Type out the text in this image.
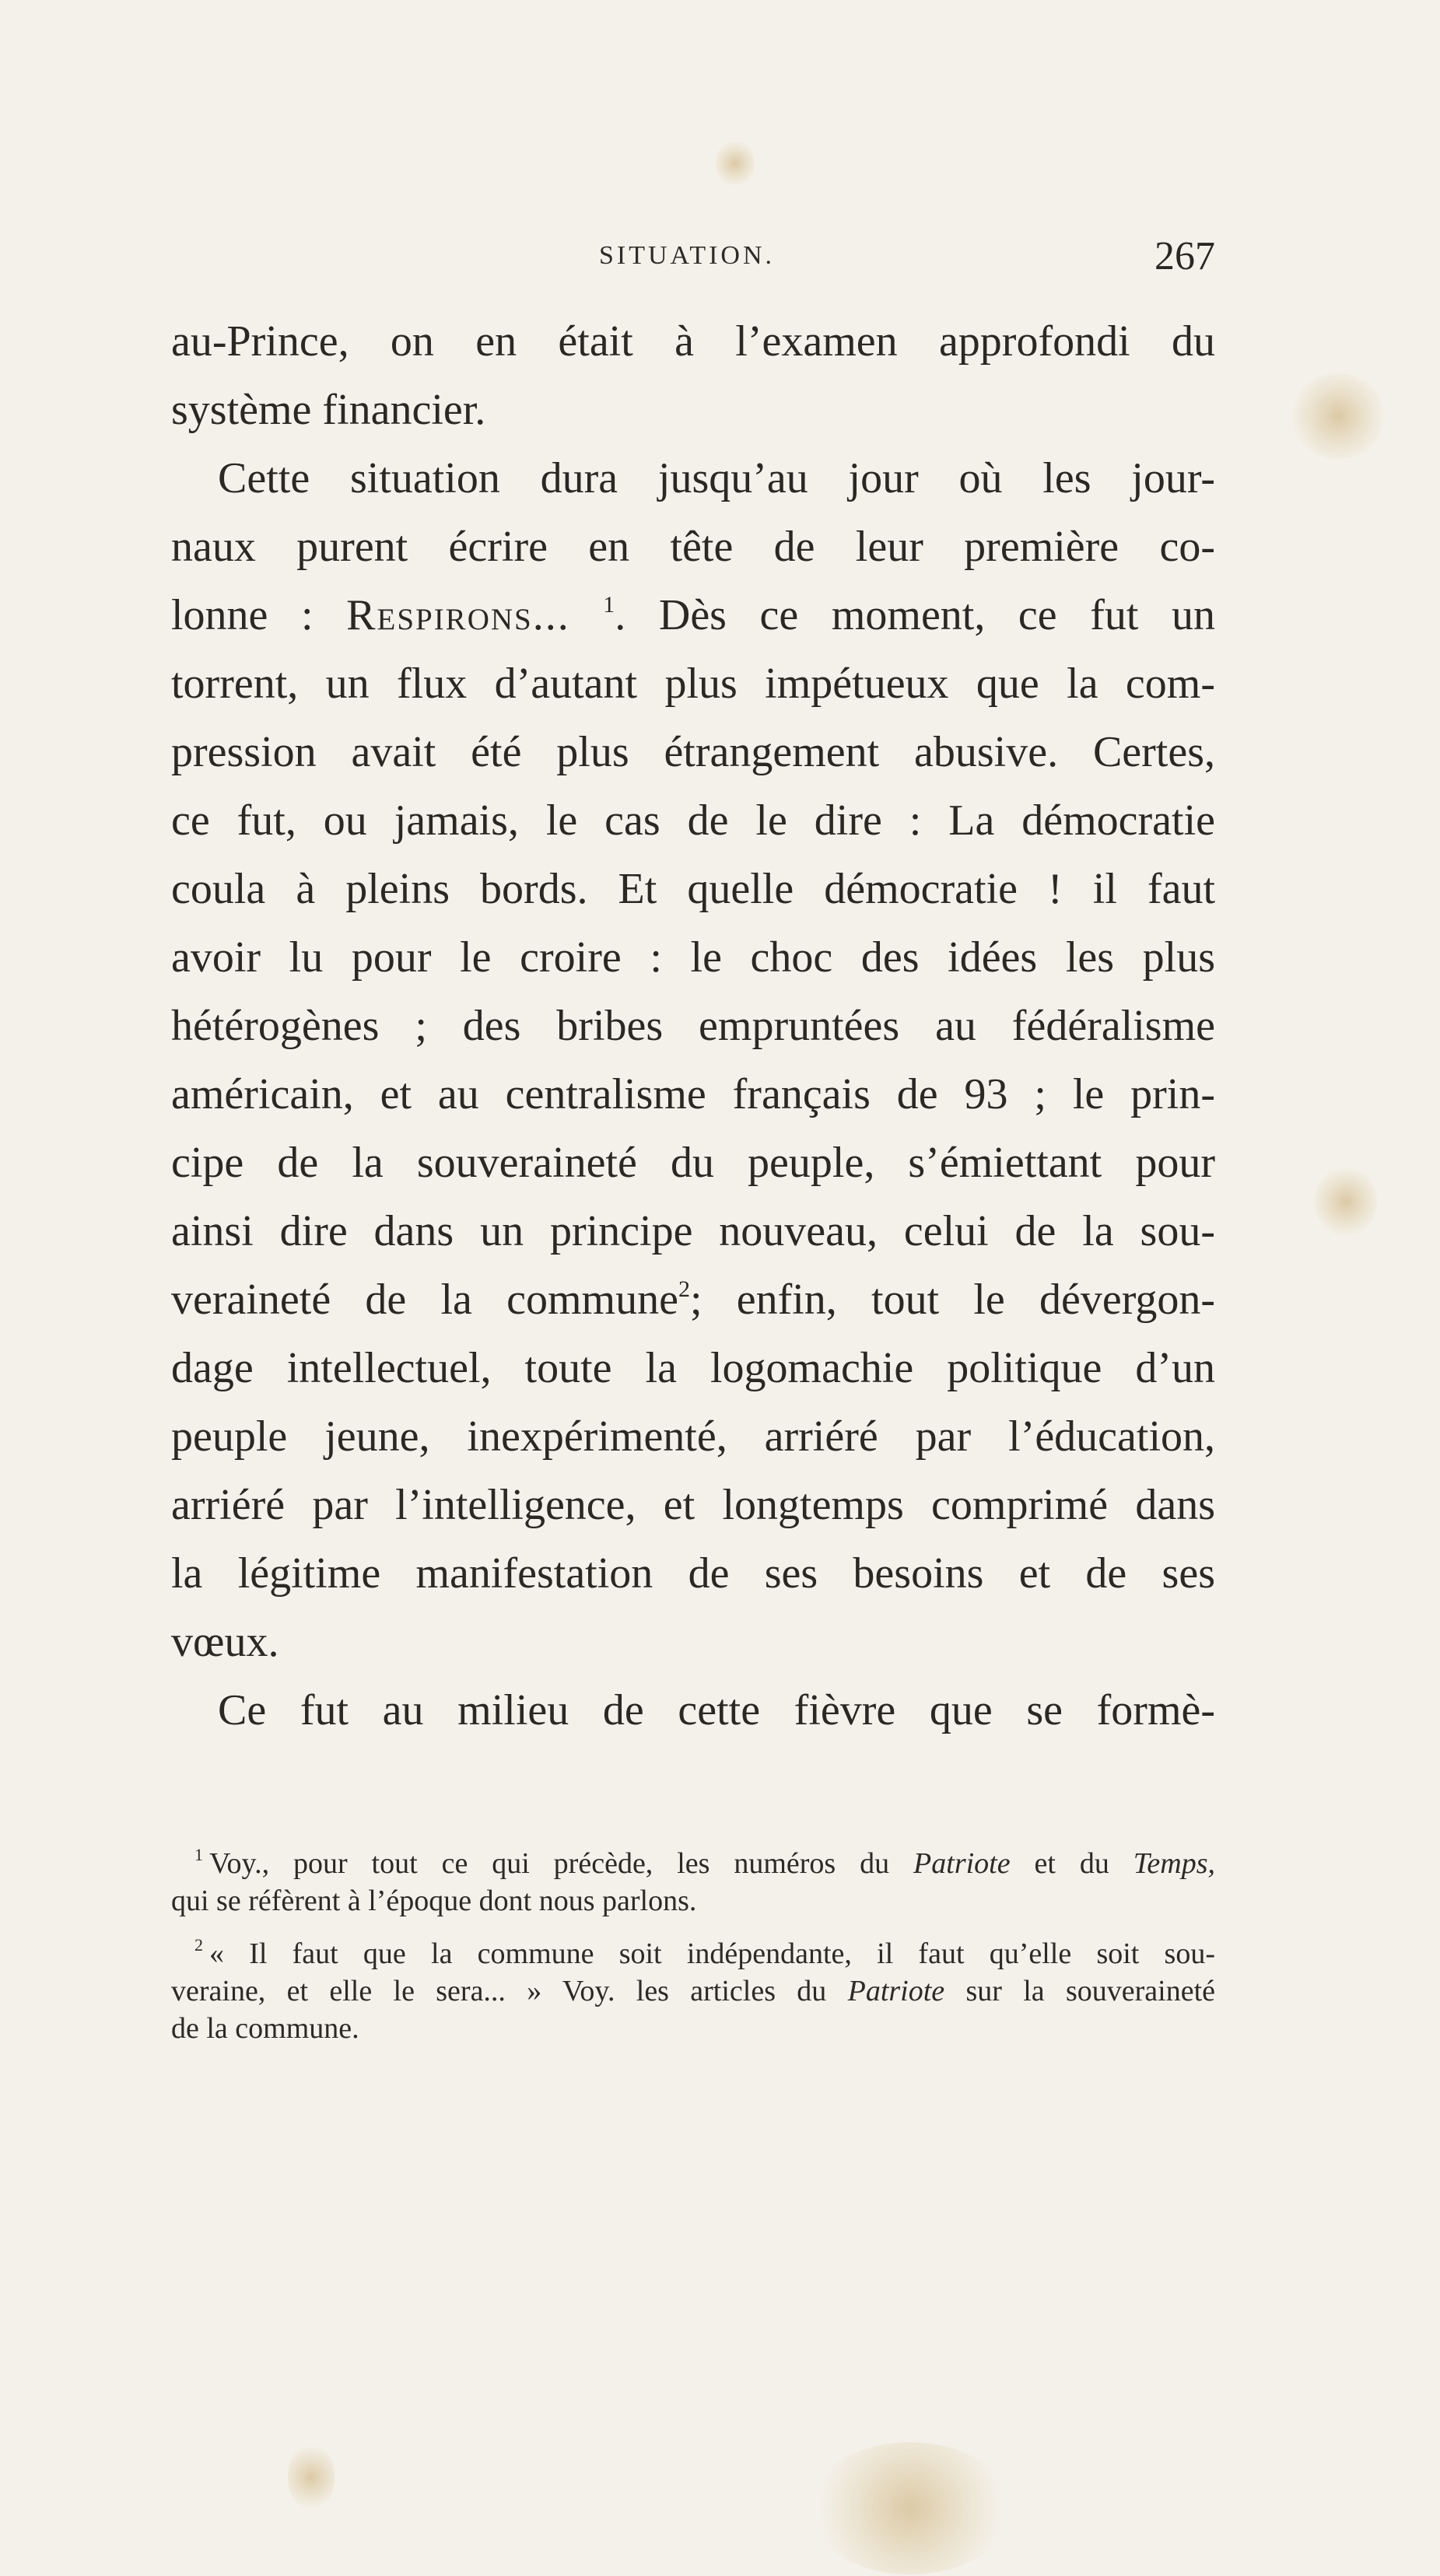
SITUATION.	267
au-Prince, on en était à l’examen approfondi du
système financier.
Cette situation dura jusqu’au jour où les jour-
naux purent écrire en tête de leur première co-
lonne : Respirons... $^1$. Dès ce moment, ce fut un
torrent, un flux d’autant plus impétueux que la com-
pression avait été plus étrangement abusive. Certes,
ce fut, ou jamais, le cas de le dire : La démocratie
coula à pleins bords. Et quelle démocratie ! il faut
avoir lu pour le croire : le choc des idées les plus
hétérogènes ; des bribes empruntées au fédéralisme
américain, et au centralisme français de 93 ; le prin-
cipe de la souveraineté du peuple, s’émiettant pour
ainsi dire dans un principe nouveau, celui de la sou-
veraineté de la commune$^2$; enfin, tout le dévergon-
dage intellectuel, toute la logomachie politique d’un
peuple jeune, inexpérimenté, arriéré par l’éducation,
arriéré par l’intelligence, et longtemps comprimé dans
la légitime manifestation de ses besoins et de ses
vœux.
Ce fut au milieu de cette fièvre que se formè-
$^1$ Voy., pour tout ce qui précède, les numéros du Patriote et du Temps,
qui se réfèrent à l’époque dont nous parlons.
$^2$ « Il faut que la commune soit indépendante, il faut qu’elle soit sou-
veraine, et elle le sera... » Voy. les articles du Patriote sur la souveraineté
de la commune.
